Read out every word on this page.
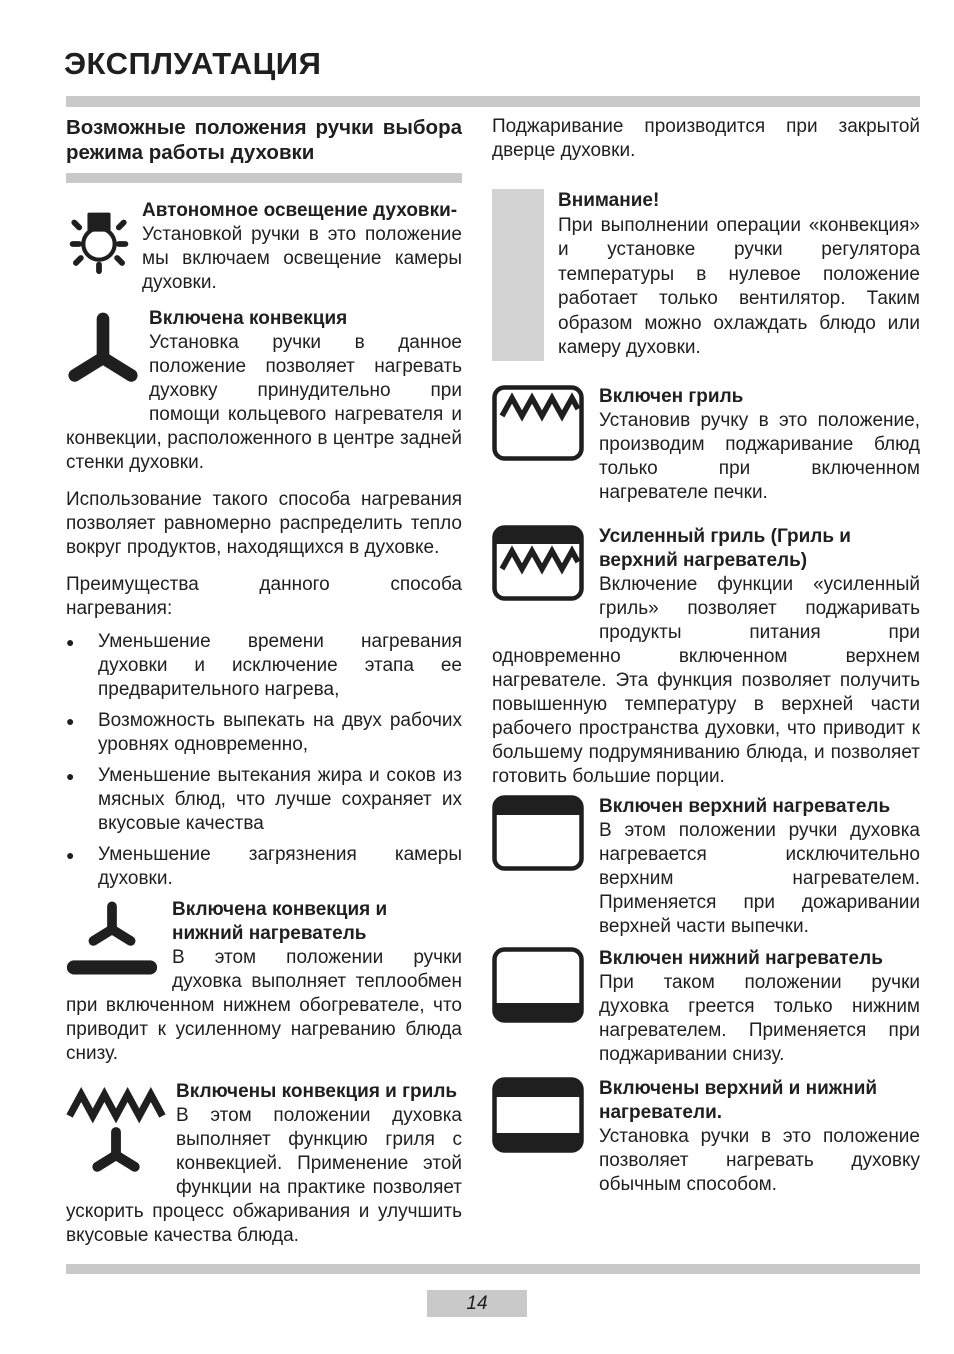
ЭКСПЛУАТАЦИЯ
Возможные положения ручки выбора режима работы духовки
Автономное освещение духовки-
Установкой ручки в это положение мы включаем освещение камеры духовки.
Включена конвекция
Установка ручки в данное положение позволяет нагревать духовку принудительно при помощи кольцевого нагревателя и конвекции, расположенного в центре задней стенки духовки.

Использование такого способа нагревания позволяет равномерно распределить тепло вокруг продуктов, находящихся в духовке.

Преимущества данного способа нагревания:

●	Уменьшение времени нагревания духовки и исключение этапа ее предварительного нагрева,
●	Возможность выпекать на двух рабочих уровнях одновременно,
●	Уменьшение вытекания жира и соков из мясных блюд, что лучше сохраняет их вкусовые качества
●	Уменьшение загрязнения камеры духовки.
Включена конвекция и нижний нагреватель
В этом положении ручки духовка выполняет теплообмен при включенном нижнем обогревателе, что приводит к усиленному нагреванию блюда снизу.
Включены конвекция и гриль
В этом положении духовка выполняет функцию гриля с конвекцией. Применение этой функции на практике позволяет ускорить процесс обжаривания и улучшить вкусовые качества блюда.

Поджаривание производится при закрытой дверце духовки.

Внимание!
При выполнении операции «конвекция» и установке ручки регулятора температуры в нулевое положение работает только вентилятор. Таким образом можно охлаждать блюдо или камеру духовки.
Включен гриль
Установив ручку в это положение, производим поджаривание блюд только при включенном нагревателе печки.
Усиленный гриль (Гриль и верхний нагреватель)
Включение функции «усиленный гриль» позволяет поджаривать продукты питания при одновременно включенном верхнем нагревателе. Эта функция позволяет получить повышенную температуру в верхней части рабочего пространства духовки, что приводит к большему подрумяниванию блюда, и позволяет готовить большие порции.
Включен верхний нагреватель
В этом положении ручки духовка нагревается исключительно верхним нагревателем. Применяется при дожаривании верхней части выпечки.
Включен нижний нагреватель
При таком положении ручки духовка греется только нижним нагревателем. Применяется при поджаривании снизу.
Включены верхний и нижний нагреватели.
Установка ручки в это положение позволяет нагревать духовку обычным способом.
14
